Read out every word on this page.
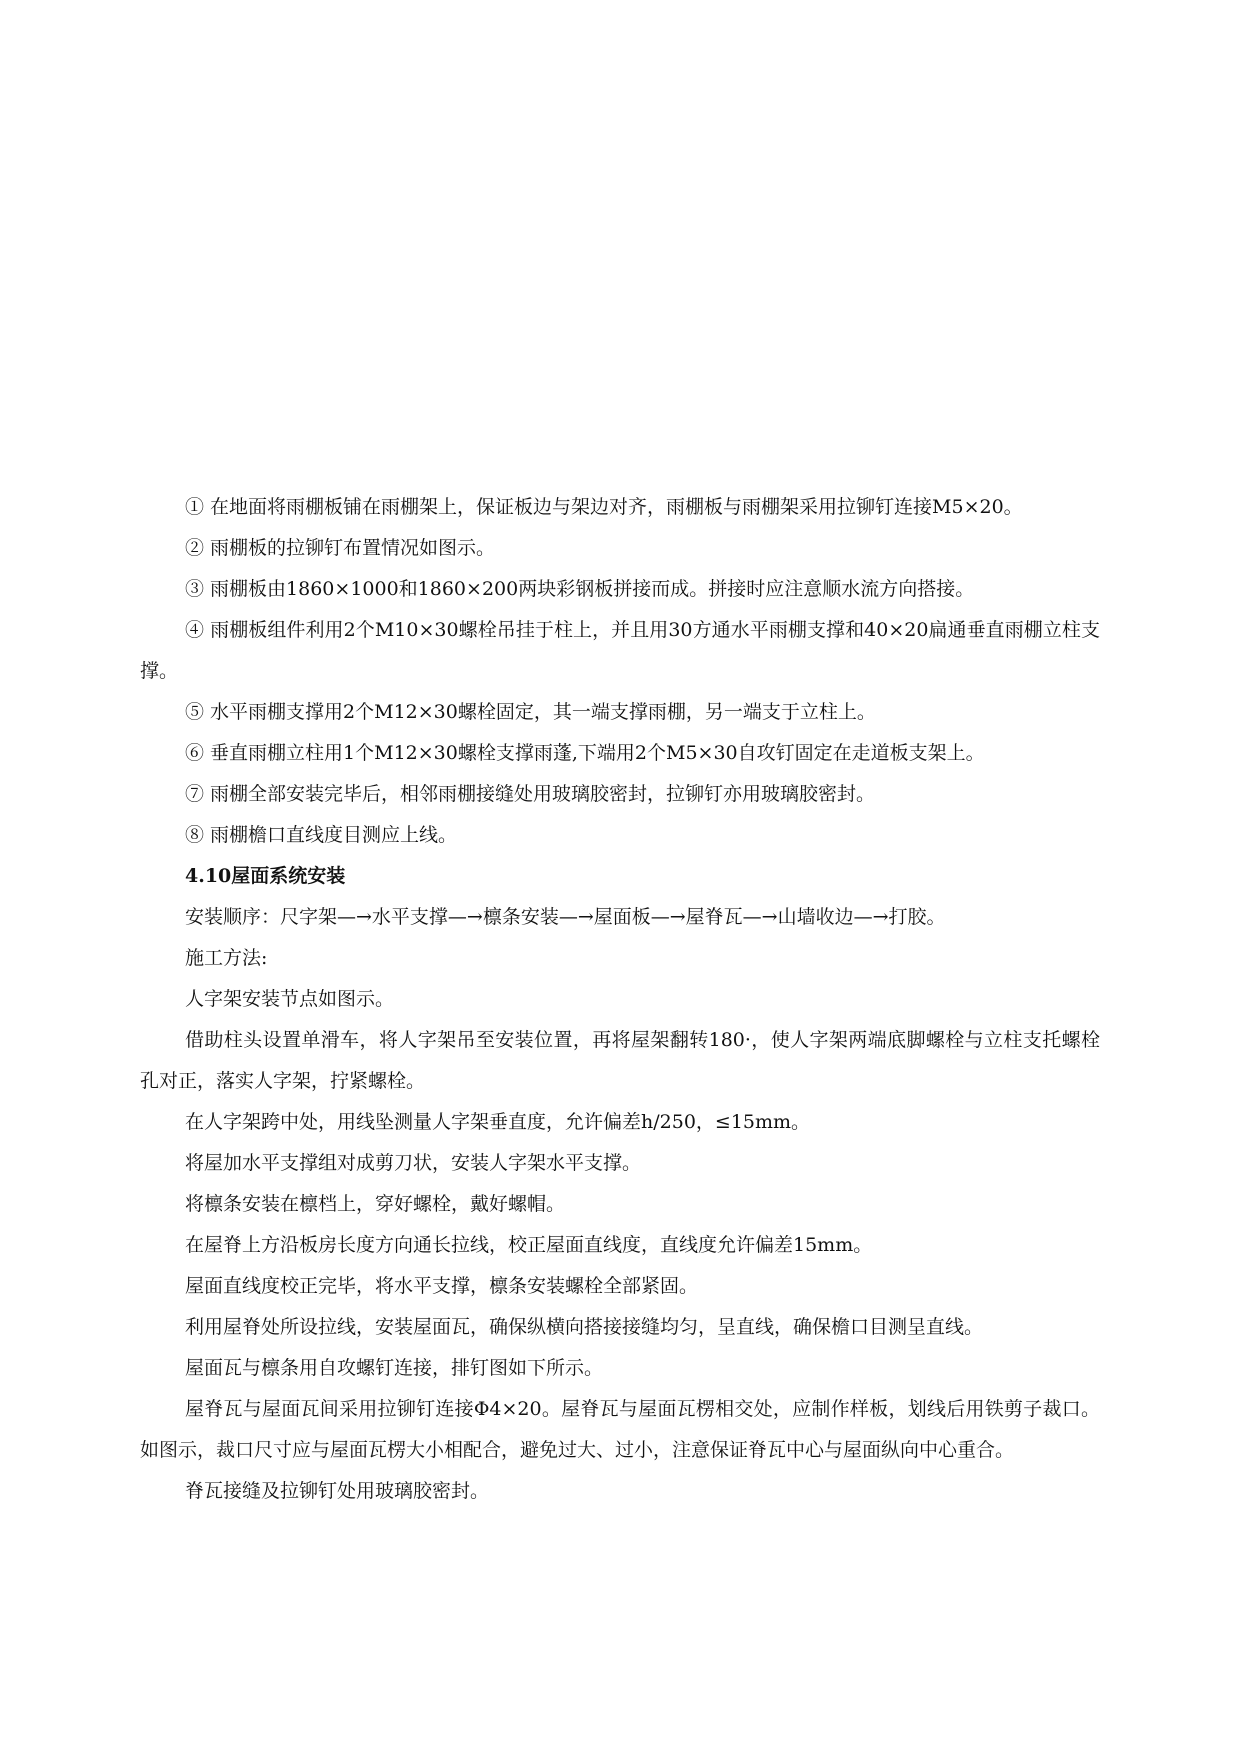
① 在地面将雨棚板铺在雨棚架上，保证板边与架边对齐，雨棚板与雨棚架采用拉铆钉连接M5×20。

② 雨棚板的拉铆钉布置情况如图示。

③ 雨棚板由1860×1000和1860×200两块彩钢板拼接而成。拼接时应注意顺水流方向搭接。

④ 雨棚板组件利用2个M10×30螺栓吊挂于柱上，并且用30方通水平雨棚支撑和40×20扁通垂直雨棚立柱支撑。

⑤ 水平雨棚支撑用2个M12×30螺栓固定，其一端支撑雨棚，另一端支于立柱上。

⑥ 垂直雨棚立柱用1个M12×30螺栓支撑雨蓬,下端用2个M5×30自攻钉固定在走道板支架上。

⑦ 雨棚全部安装完毕后，相邻雨棚接缝处用玻璃胶密封，拉铆钉亦用玻璃胶密封。

⑧ 雨棚檐口直线度目测应上线。

4.10屋面系统安装

安装顺序：尺字架—→水平支撑—→檩条安装—→屋面板—→屋脊瓦—→山墙收边—→打胶。

施工方法:

人字架安装节点如图示。

借助柱头设置单滑车，将人字架吊至安装位置，再将屋架翻转180·，使人字架两端底脚螺栓与立柱支托螺栓孔对正，落实人字架，拧紧螺栓。

在人字架跨中处，用线坠测量人字架垂直度，允许偏差h/250，≤15mm。

将屋加水平支撑组对成剪刀状，安装人字架水平支撑。

将檩条安装在檩档上，穿好螺栓，戴好螺帽。

在屋脊上方沿板房长度方向通长拉线，校正屋面直线度，直线度允许偏差15mm。

屋面直线度校正完毕，将水平支撑，檩条安装螺栓全部紧固。

利用屋脊处所设拉线，安装屋面瓦，确保纵横向搭接接缝均匀，呈直线，确保檐口目测呈直线。

屋面瓦与檩条用自攻螺钉连接，排钉图如下所示。

屋脊瓦与屋面瓦间采用拉铆钉连接Φ4×20。屋脊瓦与屋面瓦楞相交处，应制作样板，划线后用铁剪子裁口。如图示，裁口尺寸应与屋面瓦楞大小相配合，避免过大、过小，注意保证脊瓦中心与屋面纵向中心重合。

脊瓦接缝及拉铆钉处用玻璃胶密封。
